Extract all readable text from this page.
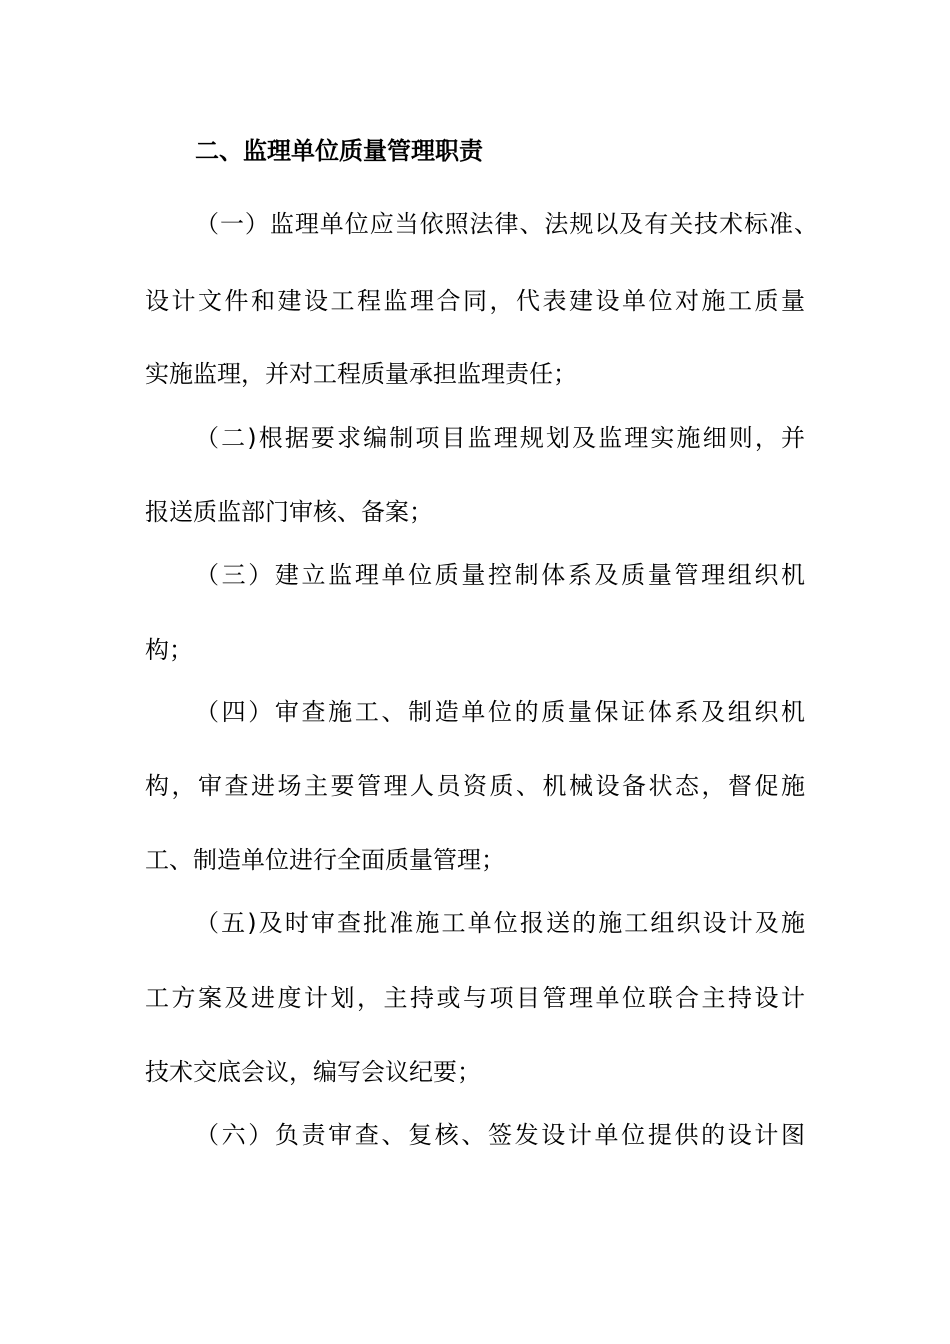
二、监理单位质量管理职责
（一）监理单位应当依照法律、法规以及有关技术标准、
设计文件和建设工程监理合同，代表建设单位对施工质量
实施监理，并对工程质量承担监理责任；
（二)根据要求编制项目监理规划及监理实施细则，并
报送质监部门审核、备案；
（三）建立监理单位质量控制体系及质量管理组织机
构；
（四）审查施工、制造单位的质量保证体系及组织机
构，审查进场主要管理人员资质、机械设备状态，督促施
工、制造单位进行全面质量管理；
（五)及时审查批准施工单位报送的施工组织设计及施
工方案及进度计划，主持或与项目管理单位联合主持设计
技术交底会议，编写会议纪要；
（六）负责审查、复核、签发设计单位提供的设计图
